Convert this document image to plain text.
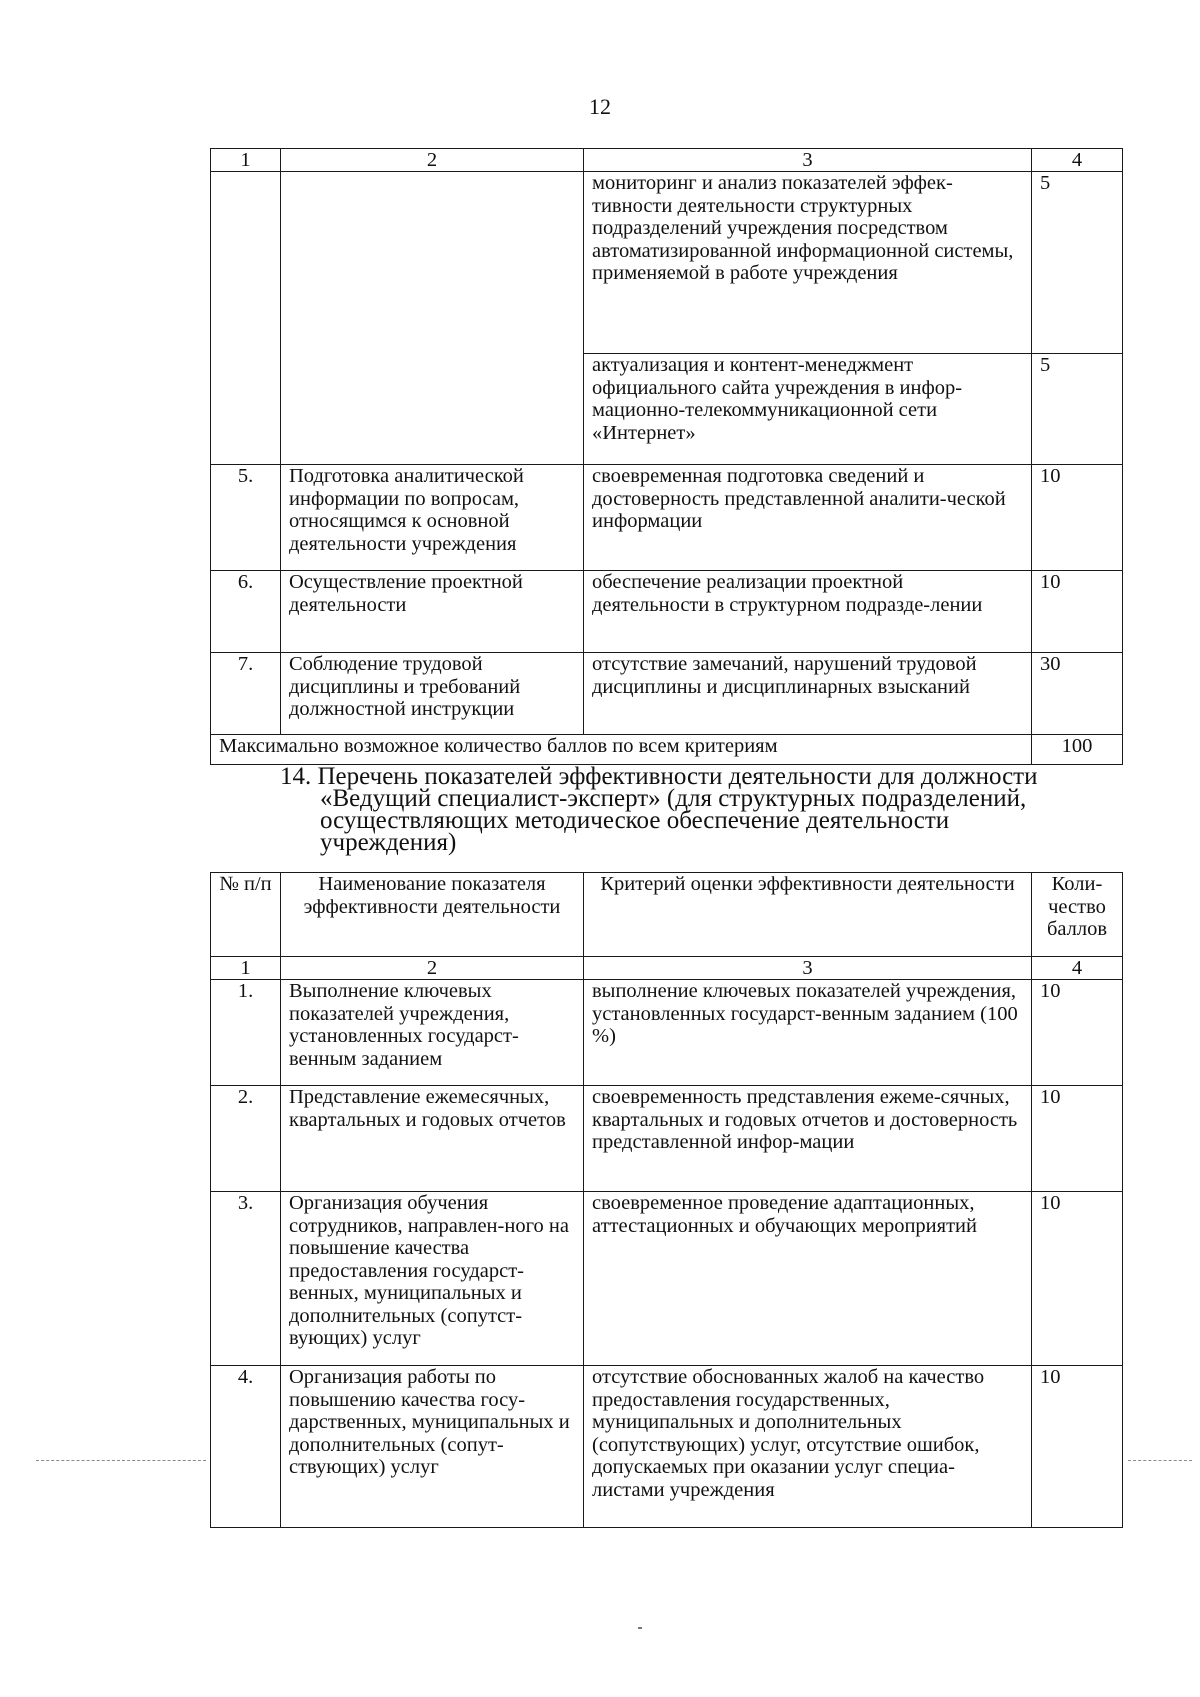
12
1	2	3	4
		мониторинг и анализ показателей эффек-тивности деятельности структурных подразделений учреждения посредством автоматизированной информационной системы, применяемой в работе учреждения	5
		актуализация и контент-менеджмент официального сайта учреждения в инфор-мационно-телекоммуникационной сети «Интернет»	5
5.	Подготовка аналитической информации по вопросам, относящимся к основной деятельности учреждения	своевременная подготовка сведений и достоверность представленной аналити-ческой информации	10
6.	Осуществление проектной деятельности	обеспечение реализации проектной деятельности в структурном подразде-лении	10
7.	Соблюдение трудовой дисциплины и требований должностной инструкции	отсутствие замечаний, нарушений трудовой дисциплины и дисциплинарных взысканий	30
Максимально возможное количество баллов по всем критериям			100
14. Перечень показателей эффективности деятельности для должности
«Ведущий специалист-эксперт» (для структурных подразделений,
осуществляющих методическое обеспечение деятельности
учреждения)
№ п/п	Наименование показателя эффективности деятельности	Критерий оценки эффективности деятельности	Коли-чество баллов
1	2	3	4
1.	Выполнение ключевых показателей учреждения, установленных государст-венным заданием	выполнение ключевых показателей учреждения, установленных государст-венным заданием (100 %)	10
2.	Представление ежемесячных, квартальных и годовых отчетов	своевременность представления ежеме-сячных, квартальных и годовых отчетов и достоверность представленной инфор-мации	10
3.	Организация обучения сотрудников, направлен-ного на повышение качества предоставления государст-венных, муниципальных и дополнительных (сопутст-вующих) услуг	своевременное проведение адаптационных, аттестационных и обучающих мероприятий	10
4.	Организация работы по повышению качества госу-дарственных, муниципальных и дополнительных (сопут-ствующих) услуг	отсутствие обоснованных жалоб на качество предоставления государственных, муниципальных и дополнительных (сопутствующих) услуг, отсутствие ошибок, допускаемых при оказании услуг специа-листами учреждения	10
